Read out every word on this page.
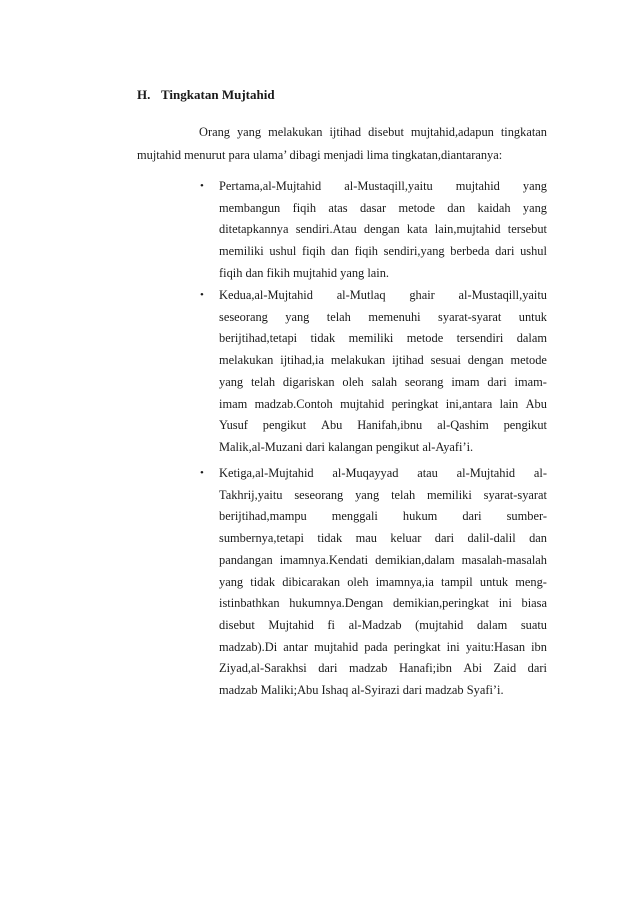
H. Tingkatan Mujtahid
Orang yang melakukan ijtihad disebut mujtahid,adapun tingkatan
mujtahid menurut para ulama’ dibagi menjadi lima tingkatan,diantaranya:
• Pertama,al-Mujtahid al-Mustaqill,yaitu mujtahid yang
membangun fiqih atas dasar metode dan kaidah yang
ditetapkannya sendiri.Atau dengan kata lain,mujtahid tersebut
memiliki ushul fiqih dan fiqih sendiri,yang berbeda dari ushul
fiqih dan fikih mujtahid yang lain.
• Kedua,al-Mujtahid al-Mutlaq ghair al-Mustaqill,yaitu
seseorang yang telah memenuhi syarat-syarat untuk
berijtihad,tetapi tidak memiliki metode tersendiri dalam
melakukan ijtihad,ia melakukan ijtihad sesuai dengan metode
yang telah digariskan oleh salah seorang imam dari imam-
imam madzab.Contoh mujtahid peringkat ini,antara lain Abu
Yusuf pengikut Abu Hanifah,ibnu al-Qashim pengikut
Malik,al-Muzani dari kalangan pengikut al-Ayafi’i.
• Ketiga,al-Mujtahid al-Muqayyad atau al-Mujtahid al-
Takhrij,yaitu seseorang yang telah memiliki syarat-syarat
berijtihad,mampu menggali hukum dari sumber-
sumbernya,tetapi tidak mau keluar dari dalil-dalil dan
pandangan imamnya.Kendati demikian,dalam masalah-masalah
yang tidak dibicarakan oleh imamnya,ia tampil untuk meng-
istinbathkan hukumnya.Dengan demikian,peringkat ini biasa
disebut Mujtahid fi al-Madzab (mujtahid dalam suatu
madzab).Di antar mujtahid pada peringkat ini yaitu:Hasan ibn
Ziyad,al-Sarakhsi dari madzab Hanafi;ibn Abi Zaid dari
madzab Maliki;Abu Ishaq al-Syirazi dari madzab Syafi’i.
